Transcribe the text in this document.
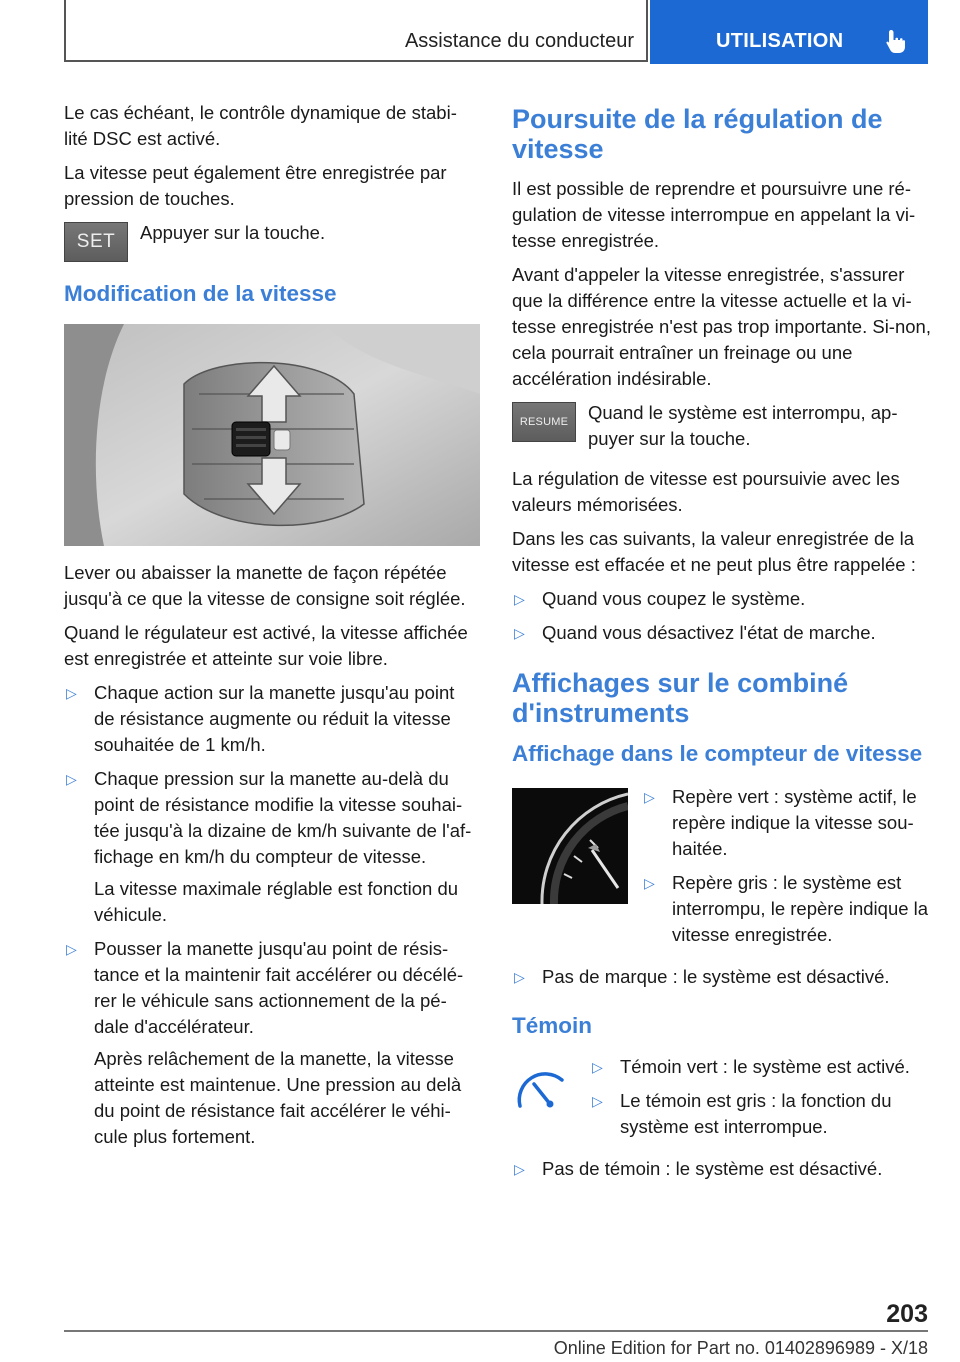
Assistance du conducteur	UTILISATION

Le cas échéant, le contrôle dynamique de stabi-lité DSC est activé.

La vitesse peut également être enregistrée par pression de touches.

SET Appuyer sur la touche.
Modification de la vitesse

Lever ou abaisser la manette de façon répétée jusqu'à ce que la vitesse de consigne soit réglée.

Quand le régulateur est activé, la vitesse affichée est enregistrée et atteinte sur voie libre.

▷ Chaque action sur la manette jusqu'au point de résistance augmente ou réduit la vitesse souhaitée de 1 km/h.
▷ Chaque pression sur la manette au-delà du point de résistance modifie la vitesse souhai-tée jusqu'à la dizaine de km/h suivante de l'af-fichage en km/h du compteur de vitesse.
La vitesse maximale réglable est fonction du véhicule.
▷ Pousser la manette jusqu'au point de résis-tance et la maintenir fait accélérer ou décélé-rer le véhicule sans actionnement de la pé-dale d'accélérateur.
Après relâchement de la manette, la vitesse atteinte est maintenue. Une pression au delà du point de résistance fait accélérer le véhi-cule plus fortement.
Poursuite de la régulation de vitesse

Il est possible de reprendre et poursuivre une ré-gulation de vitesse interrompue en appelant la vi-tesse enregistrée.

Avant d'appeler la vitesse enregistrée, s'assurer que la différence entre la vitesse actuelle et la vi-tesse enregistrée n'est pas trop importante. Si-non, cela pourrait entraîner un freinage ou une accélération indésirable.

RESUME Quand le système est interrompu, ap-puyer sur la touche.

La régulation de vitesse est poursuivie avec les valeurs mémorisées.

Dans les cas suivants, la valeur enregistrée de la vitesse est effacée et ne peut plus être rappelée :

▷ Quand vous coupez le système.
▷ Quand vous désactivez l'état de marche.
Affichages sur le combiné d'instruments
Affichage dans le compteur de vitesse
▷ Repère vert : système actif, le repère indique la vitesse sou-haitée.
▷ Repère gris : le système est interrompu, le repère indique la vitesse enregistrée.
▷ Pas de marque : le système est désactivé.
Témoin
▷ Témoin vert : le système est activé.
▷ Le témoin est gris : la fonction du système est interrompue.
▷ Pas de témoin : le système est désactivé.
203
Online Edition for Part no. 01402896989 - X/18
